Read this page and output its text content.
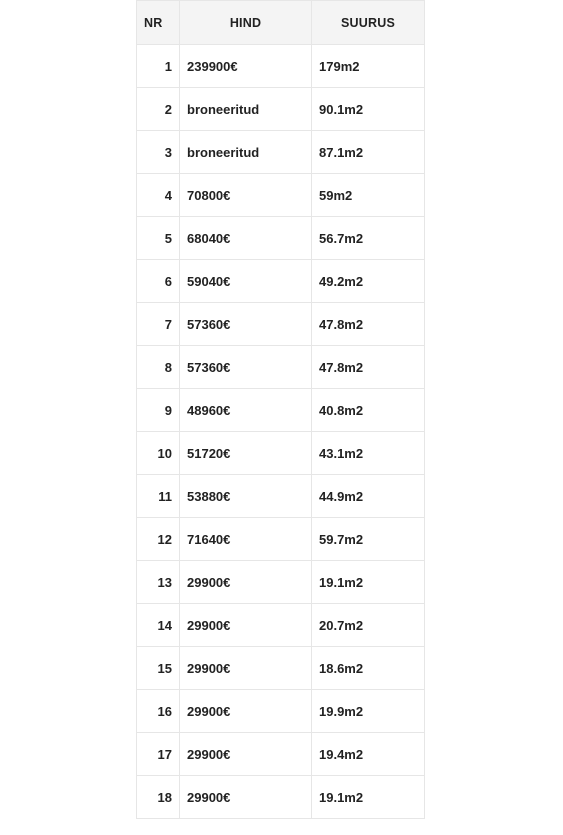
NR	HIND	SUURUS
1	239900€	179m2
2	broneeritud	90.1m2
3	broneeritud	87.1m2
4	70800€	59m2
5	68040€	56.7m2
6	59040€	49.2m2
7	57360€	47.8m2
8	57360€	47.8m2
9	48960€	40.8m2
10	51720€	43.1m2
11	53880€	44.9m2
12	71640€	59.7m2
13	29900€	19.1m2
14	29900€	20.7m2
15	29900€	18.6m2
16	29900€	19.9m2
17	29900€	19.4m2
18	29900€	19.1m2
